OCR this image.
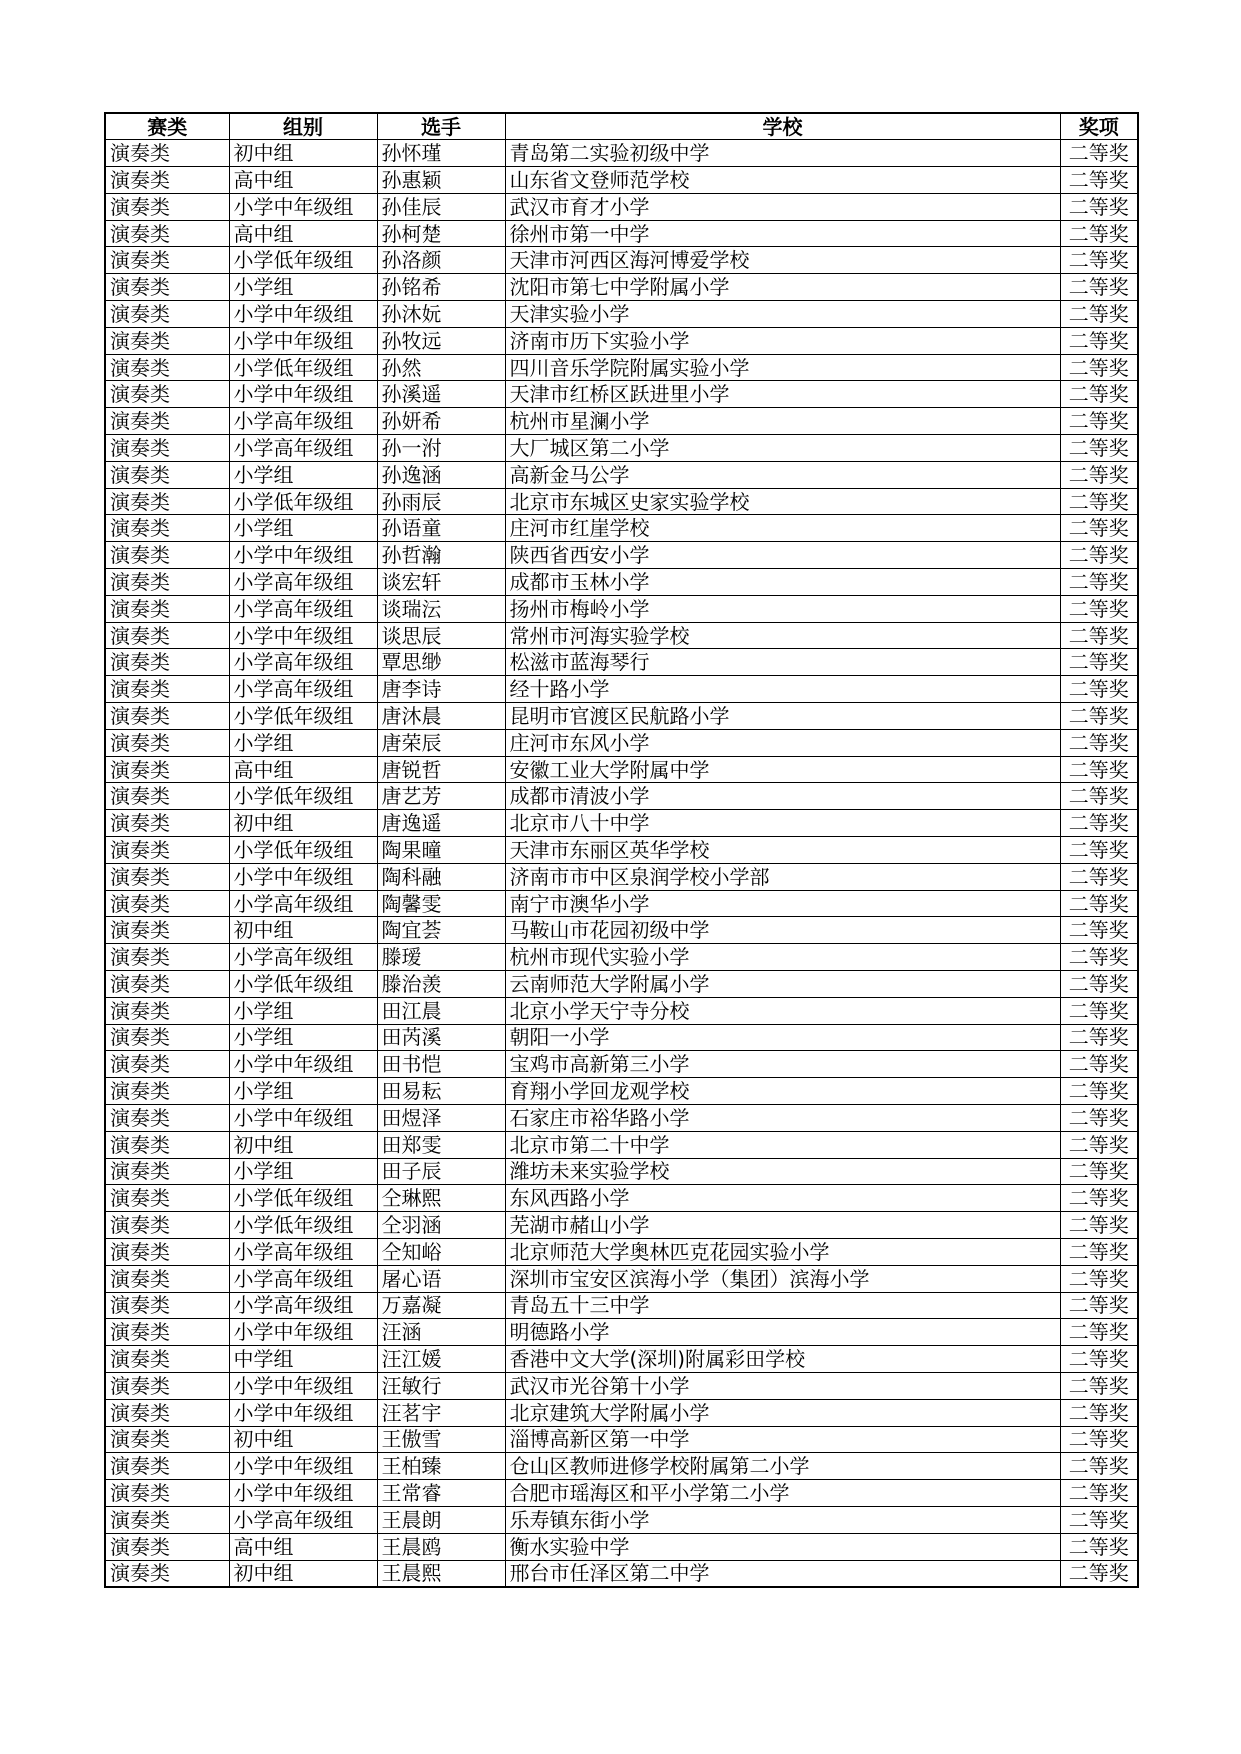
赛类	组别	选手	学校	奖项
演奏类	初中组	孙怀瑾	青岛第二实验初级中学	二等奖
演奏类	高中组	孙惠颖	山东省文登师范学校	二等奖
演奏类	小学中年级组	孙佳辰	武汉市育才小学	二等奖
演奏类	高中组	孙柯楚	徐州市第一中学	二等奖
演奏类	小学低年级组	孙洛颜	天津市河西区海河博爱学校	二等奖
演奏类	小学组	孙铭希	沈阳市第七中学附属小学	二等奖
演奏类	小学中年级组	孙沐妧	天津实验小学	二等奖
演奏类	小学中年级组	孙牧远	济南市历下实验小学	二等奖
演奏类	小学低年级组	孙然	四川音乐学院附属实验小学	二等奖
演奏类	小学中年级组	孙溪遥	天津市红桥区跃进里小学	二等奖
演奏类	小学高年级组	孙妍希	杭州市星澜小学	二等奖
演奏类	小学高年级组	孙一泭	大厂城区第二小学	二等奖
演奏类	小学组	孙逸涵	高新金马公学	二等奖
演奏类	小学低年级组	孙雨辰	北京市东城区史家实验学校	二等奖
演奏类	小学组	孙语童	庄河市红崖学校	二等奖
演奏类	小学中年级组	孙哲瀚	陕西省西安小学	二等奖
演奏类	小学高年级组	谈宏轩	成都市玉林小学	二等奖
演奏类	小学高年级组	谈瑞沄	扬州市梅岭小学	二等奖
演奏类	小学中年级组	谈思辰	常州市河海实验学校	二等奖
演奏类	小学高年级组	覃思缈	松滋市蓝海琴行	二等奖
演奏类	小学高年级组	唐李诗	经十路小学	二等奖
演奏类	小学低年级组	唐沐晨	昆明市官渡区民航路小学	二等奖
演奏类	小学组	唐荣辰	庄河市东风小学	二等奖
演奏类	高中组	唐锐哲	安徽工业大学附属中学	二等奖
演奏类	小学低年级组	唐艺芳	成都市清波小学	二等奖
演奏类	初中组	唐逸遥	北京市八十中学	二等奖
演奏类	小学低年级组	陶果曈	天津市东丽区英华学校	二等奖
演奏类	小学中年级组	陶科融	济南市市中区泉润学校小学部	二等奖
演奏类	小学高年级组	陶馨雯	南宁市澳华小学	二等奖
演奏类	初中组	陶宜荟	马鞍山市花园初级中学	二等奖
演奏类	小学高年级组	滕瑷	杭州市现代实验小学	二等奖
演奏类	小学低年级组	滕治羡	云南师范大学附属小学	二等奖
演奏类	小学组	田江晨	北京小学天宁寺分校	二等奖
演奏类	小学组	田芮溪	朝阳一小学	二等奖
演奏类	小学中年级组	田书恺	宝鸡市高新第三小学	二等奖
演奏类	小学组	田易耘	育翔小学回龙观学校	二等奖
演奏类	小学中年级组	田煜泽	石家庄市裕华路小学	二等奖
演奏类	初中组	田郑雯	北京市第二十中学	二等奖
演奏类	小学组	田子辰	潍坊未来实验学校	二等奖
演奏类	小学低年级组	仝琳熙	东风西路小学	二等奖
演奏类	小学低年级组	仝羽涵	芜湖市赭山小学	二等奖
演奏类	小学高年级组	仝知峪	北京师范大学奥林匹克花园实验小学	二等奖
演奏类	小学高年级组	屠心语	深圳市宝安区滨海小学（集团）滨海小学	二等奖
演奏类	小学高年级组	万嘉凝	青岛五十三中学	二等奖
演奏类	小学中年级组	汪涵	明德路小学	二等奖
演奏类	中学组	汪江媛	香港中文大学(深圳)附属彩田学校	二等奖
演奏类	小学中年级组	汪敏行	武汉市光谷第十小学	二等奖
演奏类	小学中年级组	汪茗宇	北京建筑大学附属小学	二等奖
演奏类	初中组	王傲雪	淄博高新区第一中学	二等奖
演奏类	小学中年级组	王柏臻	仓山区教师进修学校附属第二小学	二等奖
演奏类	小学中年级组	王常睿	合肥市瑶海区和平小学第二小学	二等奖
演奏类	小学高年级组	王晨朗	乐寿镇东街小学	二等奖
演奏类	高中组	王晨鸥	衡水实验中学	二等奖
演奏类	初中组	王晨熙	邢台市任泽区第二中学	二等奖
